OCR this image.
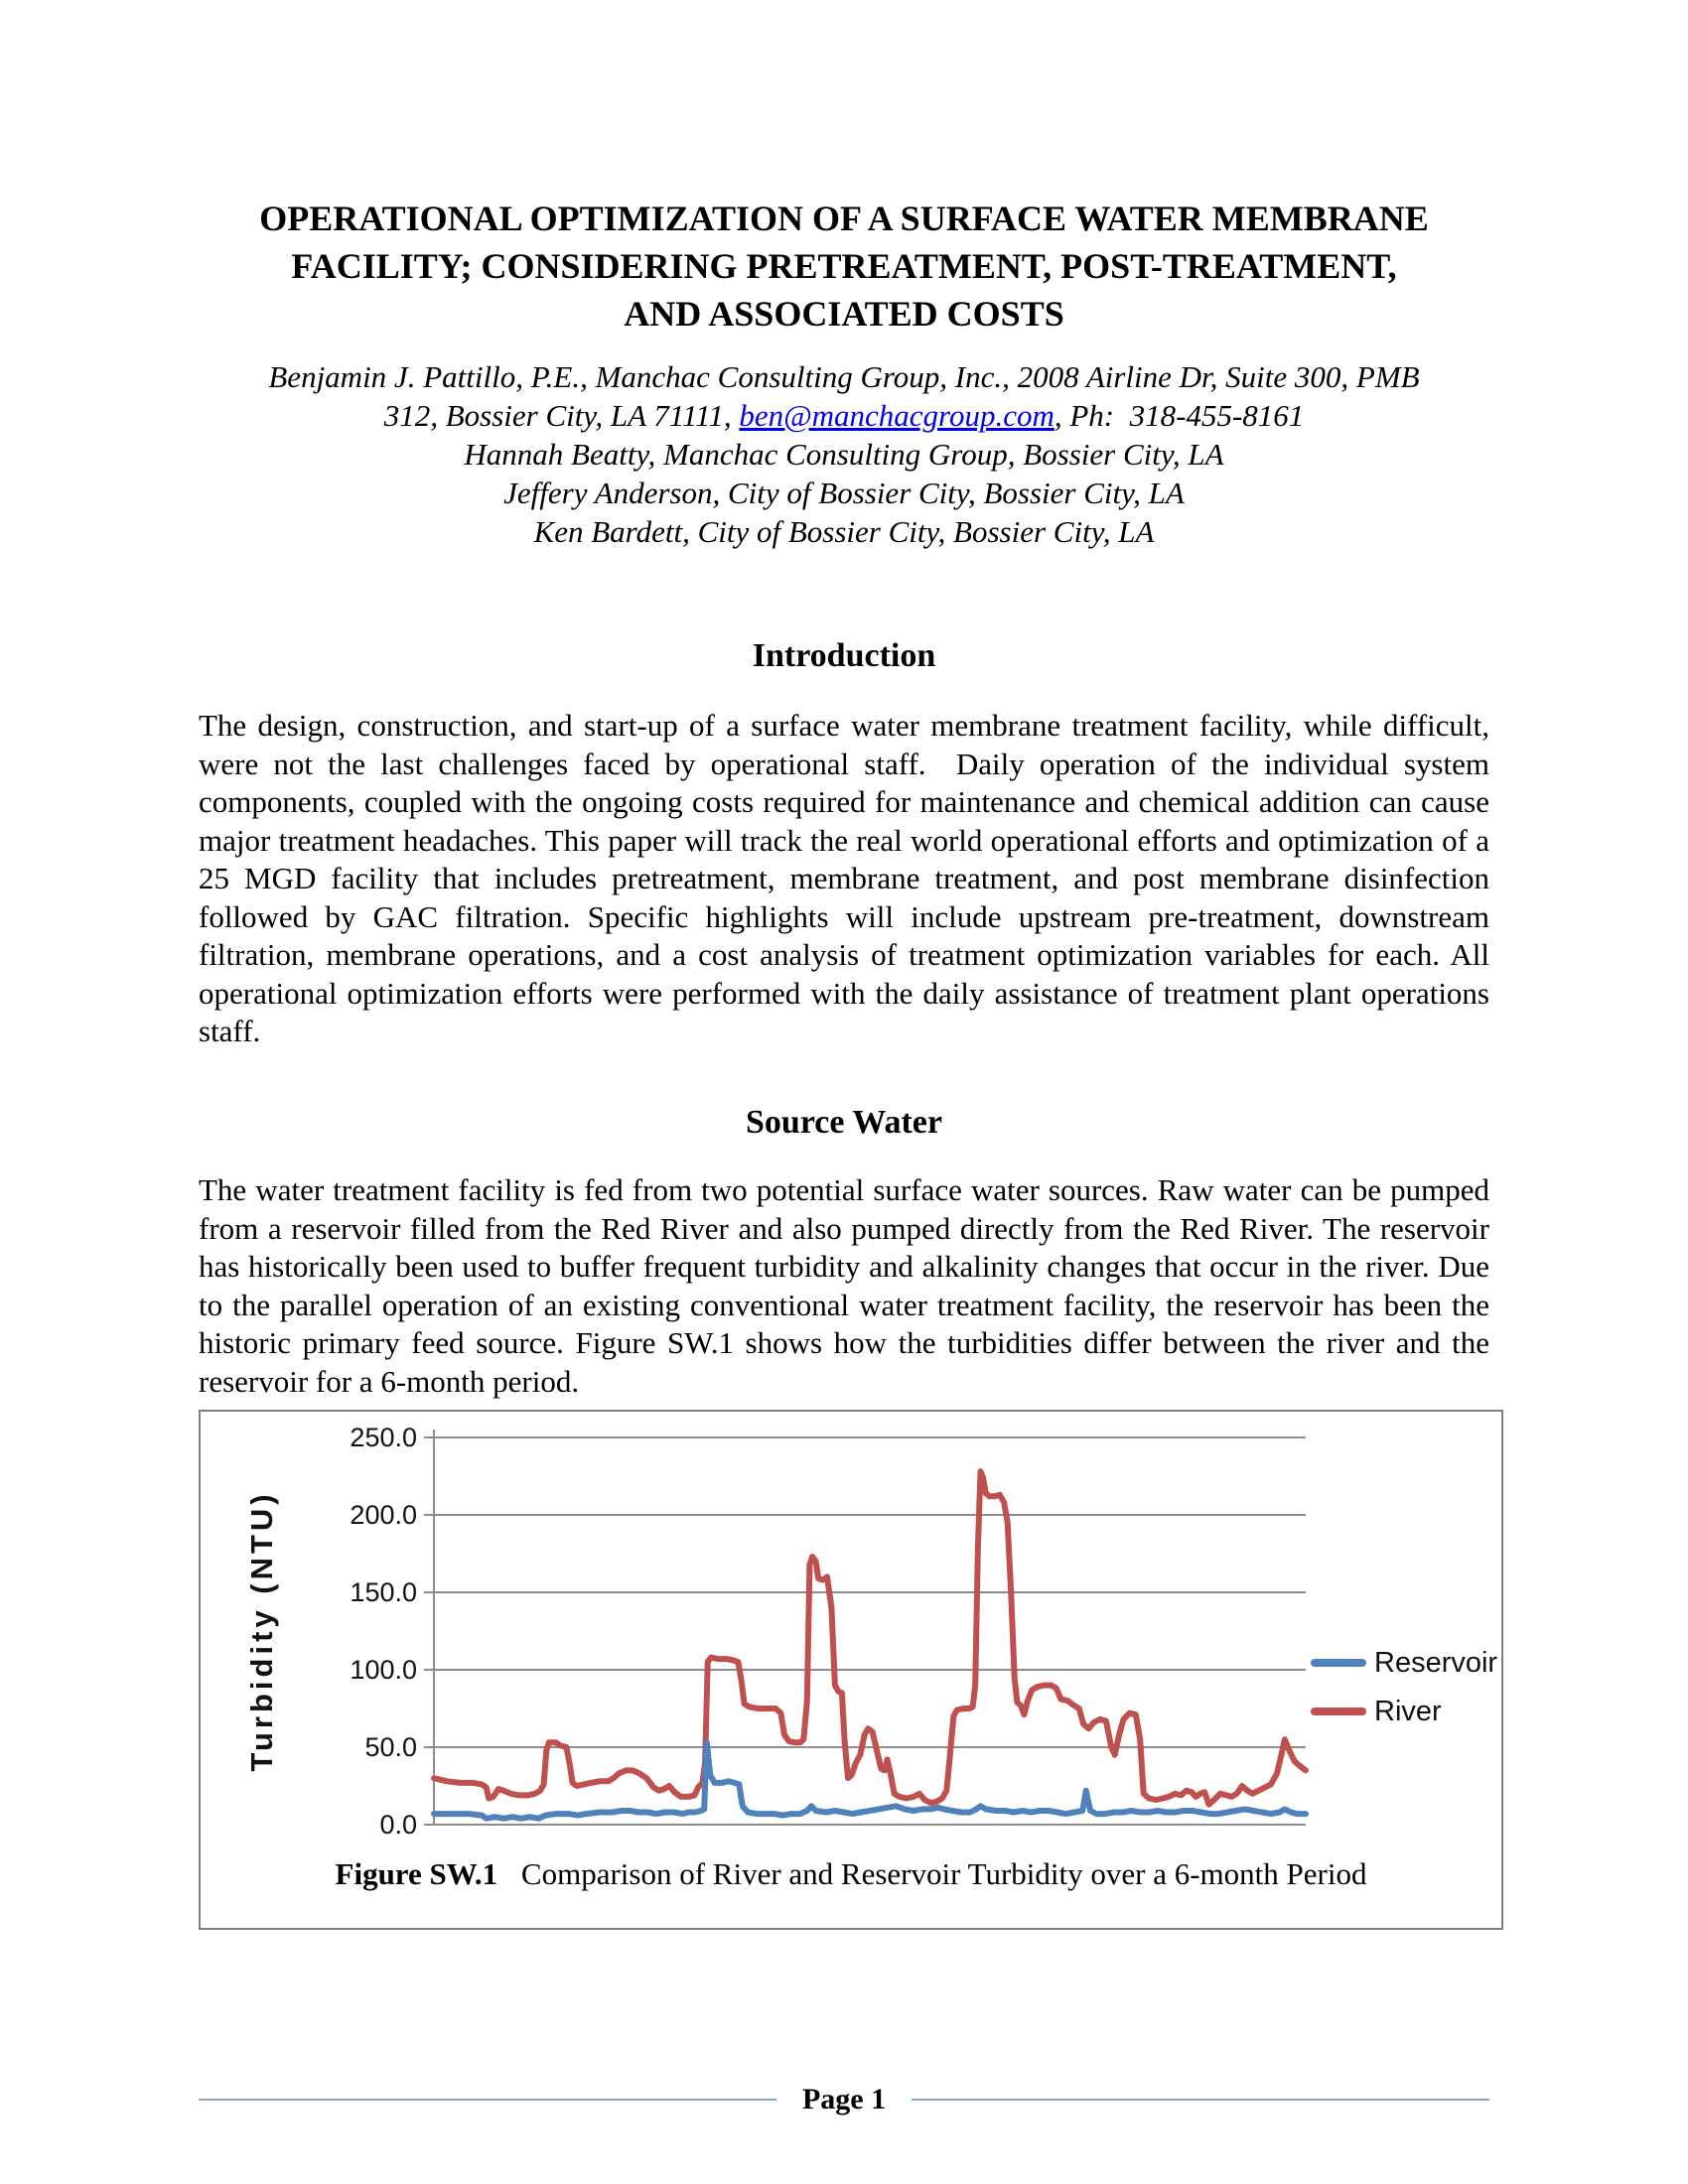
OPERATIONAL OPTIMIZATION OF A SURFACE WATER MEMBRANE
FACILITY; CONSIDERING PRETREATMENT, POST-TREATMENT,
AND ASSOCIATED COSTS
Benjamin J. Pattillo, P.E., Manchac Consulting Group, Inc., 2008 Airline Dr, Suite 300, PMB
312, Bossier City, LA 71111, ben@manchacgroup.com, Ph:  318-455-8161
Hannah Beatty, Manchac Consulting Group, Bossier City, LA
Jeffery Anderson, City of Bossier City, Bossier City, LA
Ken Bardett, City of Bossier City, Bossier City, LA
Introduction
The design, construction, and start-up of a surface water membrane treatment facility, while difficult, were not the last challenges faced by operational staff.  Daily operation of the individual system components, coupled with the ongoing costs required for maintenance and chemical addition can cause major treatment headaches. This paper will track the real world operational efforts and optimization of a 25 MGD facility that includes pretreatment, membrane treatment, and post membrane disinfection followed by GAC filtration. Specific highlights will include upstream pre-treatment, downstream filtration, membrane operations, and a cost analysis of treatment optimization variables for each. All operational optimization efforts were performed with the daily assistance of treatment plant operations staff.
Source Water
The water treatment facility is fed from two potential surface water sources. Raw water can be pumped from a reservoir filled from the Red River and also pumped directly from the Red River. The reservoir has historically been used to buffer frequent turbidity and alkalinity changes that occur in the river. Due to the parallel operation of an existing conventional water treatment facility, the reservoir has been the historic primary feed source. Figure SW.1 shows how the turbidities differ between the river and the reservoir for a 6-month period.
Turbidity (NTU)
250.0
200.0
150.0
100.0
50.0
0.0
Reservoir
River
Figure SW.1 Comparison of River and Reservoir Turbidity over a 6-month Period
Page 1
